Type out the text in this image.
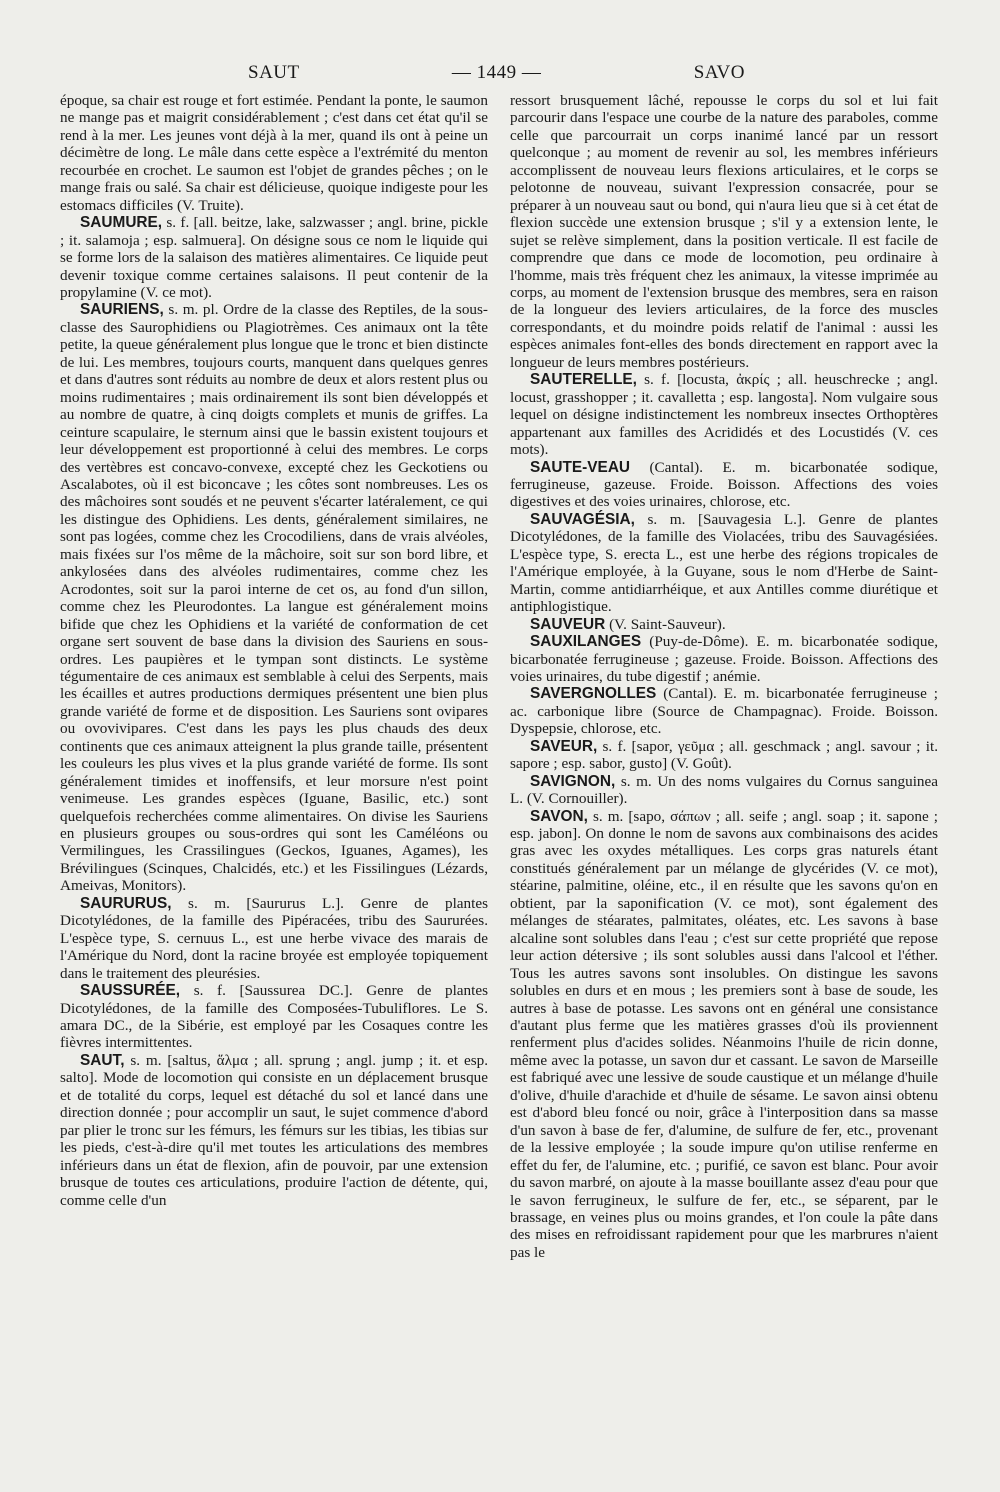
SAUT	— 1449 —	SAVO

époque, sa chair est rouge et fort estimée. Pendant la ponte, le saumon ne mange pas et maigrit considérablement ; c'est dans cet état qu'il se rend à la mer. Les jeunes vont déjà à la mer, quand ils ont à peine un décimètre de long. Le mâle dans cette espèce a l'extrémité du menton recourbée en crochet. Le saumon est l'objet de grandes pêches ; on le mange frais ou salé. Sa chair est délicieuse, quoique indigeste pour les estomacs difficiles (V. Truite).

SAUMURE, s. f. [all. beitze, lake, salzwasser ; angl. brine, pickle ; it. salamoja ; esp. salmuera]. On désigne sous ce nom le liquide qui se forme lors de la salaison des matières alimentaires. Ce liquide peut devenir toxique comme certaines salaisons. Il peut contenir de la propylamine (V. ce mot).

SAURIENS, s. m. pl. Ordre de la classe des Reptiles, de la sous-classe des Saurophidiens ou Plagiotrèmes. Ces animaux ont la tête petite, la queue généralement plus longue que le tronc et bien distincte de lui. Les membres, toujours courts, manquent dans quelques genres et dans d'autres sont réduits au nombre de deux et alors restent plus ou moins rudimentaires ; mais ordinairement ils sont bien développés et au nombre de quatre, à cinq doigts complets et munis de griffes. La ceinture scapulaire, le sternum ainsi que le bassin existent toujours et leur développement est proportionné à celui des membres. Le corps des vertèbres est concavo-convexe, excepté chez les Geckotiens ou Ascalabotes, où il est biconcave ; les côtes sont nombreuses. Les os des mâchoires sont soudés et ne peuvent s'écarter latéralement, ce qui les distingue des Ophidiens. Les dents, généralement similaires, ne sont pas logées, comme chez les Crocodiliens, dans de vrais alvéoles, mais fixées sur l'os même de la mâchoire, soit sur son bord libre, et ankylosées dans des alvéoles rudimentaires, comme chez les Acrodontes, soit sur la paroi interne de cet os, au fond d'un sillon, comme chez les Pleurodontes. La langue est généralement moins bifide que chez les Ophidiens et la variété de conformation de cet organe sert souvent de base dans la division des Sauriens en sous-ordres. Les paupières et le tympan sont distincts. Le système tégumentaire de ces animaux est semblable à celui des Serpents, mais les écailles et autres productions dermiques présentent une bien plus grande variété de forme et de disposition. Les Sauriens sont ovipares ou ovovivipares. C'est dans les pays les plus chauds des deux continents que ces animaux atteignent la plus grande taille, présentent les couleurs les plus vives et la plus grande variété de forme. Ils sont généralement timides et inoffensifs, et leur morsure n'est point venimeuse. Les grandes espèces (Iguane, Basilic, etc.) sont quelquefois recherchées comme alimentaires. On divise les Sauriens en plusieurs groupes ou sous-ordres qui sont les Caméléons ou Vermilingues, les Crassilingues (Geckos, Iguanes, Agames), les Brévilingues (Scinques, Chalcidés, etc.) et les Fissilingues (Lézards, Ameivas, Monitors).

SAURURUS, s. m. [Saururus L.]. Genre de plantes Dicotylédones, de la famille des Pipéracées, tribu des Saururées. L'espèce type, S. cernuus L., est une herbe vivace des marais de l'Amérique du Nord, dont la racine broyée est employée topiquement dans le traitement des pleurésies.

SAUSSURÉE, s. f. [Saussurea DC.]. Genre de plantes Dicotylédones, de la famille des Composées-Tubuliflores. Le S. amara DC., de la Sibérie, est employé par les Cosaques contre les fièvres intermittentes.

SAUT, s. m. [saltus, ἅλμα ; all. sprung ; angl. jump ; it. et esp. salto]. Mode de locomotion qui consiste en un déplacement brusque et de totalité du corps, lequel est détaché du sol et lancé dans une direction donnée ; pour accomplir un saut, le sujet commence d'abord par plier le tronc sur les fémurs, les fémurs sur les tibias, les tibias sur les pieds, c'est-à-dire qu'il met toutes les articulations des membres inférieurs dans un état de flexion, afin de pouvoir, par une extension brusque de toutes ces articulations, produire l'action de détente, qui, comme celle d'un

ressort brusquement lâché, repousse le corps du sol et lui fait parcourir dans l'espace une courbe de la nature des paraboles, comme celle que parcourrait un corps inanimé lancé par un ressort quelconque ; au moment de revenir au sol, les membres inférieurs accomplissent de nouveau leurs flexions articulaires, et le corps se pelotonne de nouveau, suivant l'expression consacrée, pour se préparer à un nouveau saut ou bond, qui n'aura lieu que si à cet état de flexion succède une extension brusque ; s'il y a extension lente, le sujet se relève simplement, dans la position verticale. Il est facile de comprendre que dans ce mode de locomotion, peu ordinaire à l'homme, mais très fréquent chez les animaux, la vitesse imprimée au corps, au moment de l'extension brusque des membres, sera en raison de la longueur des leviers articulaires, de la force des muscles correspondants, et du moindre poids relatif de l'animal : aussi les espèces animales font-elles des bonds directement en rapport avec la longueur de leurs membres postérieurs.

SAUTERELLE, s. f. [locusta, ἀκρίς ; all. heuschrecke ; angl. locust, grasshopper ; it. cavalletta ; esp. langosta]. Nom vulgaire sous lequel on désigne indistinctement les nombreux insectes Orthoptères appartenant aux familles des Acrididés et des Locustidés (V. ces mots).

SAUTE-VEAU (Cantal). E. m. bicarbonatée sodique, ferrugineuse, gazeuse. Froide. Boisson. Affections des voies digestives et des voies urinaires, chlorose, etc.

SAUVAGÉSIA, s. m. [Sauvagesia L.]. Genre de plantes Dicotylédones, de la famille des Violacées, tribu des Sauvagésiées. L'espèce type, S. erecta L., est une herbe des régions tropicales de l'Amérique employée, à la Guyane, sous le nom d'Herbe de Saint-Martin, comme antidiarrhéique, et aux Antilles comme diurétique et antiphlogistique.

SAUVEUR (V. Saint-Sauveur).

SAUXILANGES (Puy-de-Dôme). E. m. bicarbonatée sodique, bicarbonatée ferrugineuse ; gazeuse. Froide. Boisson. Affections des voies urinaires, du tube digestif ; anémie.

SAVERGNOLLES (Cantal). E. m. bicarbonatée ferrugineuse ; ac. carbonique libre (Source de Champagnac). Froide. Boisson. Dyspepsie, chlorose, etc.

SAVEUR, s. f. [sapor, γεῦμα ; all. geschmack ; angl. savour ; it. sapore ; esp. sabor, gusto] (V. Goût).

SAVIGNON, s. m. Un des noms vulgaires du Cornus sanguinea L. (V. Cornouiller).

SAVON, s. m. [sapo, σάπων ; all. seife ; angl. soap ; it. sapone ; esp. jabon]. On donne le nom de savons aux combinaisons des acides gras avec les oxydes métalliques. Les corps gras naturels étant constitués généralement par un mélange de glycérides (V. ce mot), stéarine, palmitine, oléine, etc., il en résulte que les savons qu'on en obtient, par la saponification (V. ce mot), sont également des mélanges de stéarates, palmitates, oléates, etc. Les savons à base alcaline sont solubles dans l'eau ; c'est sur cette propriété que repose leur action détersive ; ils sont solubles aussi dans l'alcool et l'éther. Tous les autres savons sont insolubles. On distingue les savons solubles en durs et en mous ; les premiers sont à base de soude, les autres à base de potasse. Les savons ont en général une consistance d'autant plus ferme que les matières grasses d'où ils proviennent renferment plus d'acides solides. Néanmoins l'huile de ricin donne, même avec la potasse, un savon dur et cassant. Le savon de Marseille est fabriqué avec une lessive de soude caustique et un mélange d'huile d'olive, d'huile d'arachide et d'huile de sésame. Le savon ainsi obtenu est d'abord bleu foncé ou noir, grâce à l'interposition dans sa masse d'un savon à base de fer, d'alumine, de sulfure de fer, etc., provenant de la lessive employée ; la soude impure qu'on utilise renferme en effet du fer, de l'alumine, etc. ; purifié, ce savon est blanc. Pour avoir du savon marbré, on ajoute à la masse bouillante assez d'eau pour que le savon ferrugineux, le sulfure de fer, etc., se séparent, par le brassage, en veines plus ou moins grandes, et l'on coule la pâte dans des mises en refroidissant rapidement pour que les marbrures n'aient pas le
